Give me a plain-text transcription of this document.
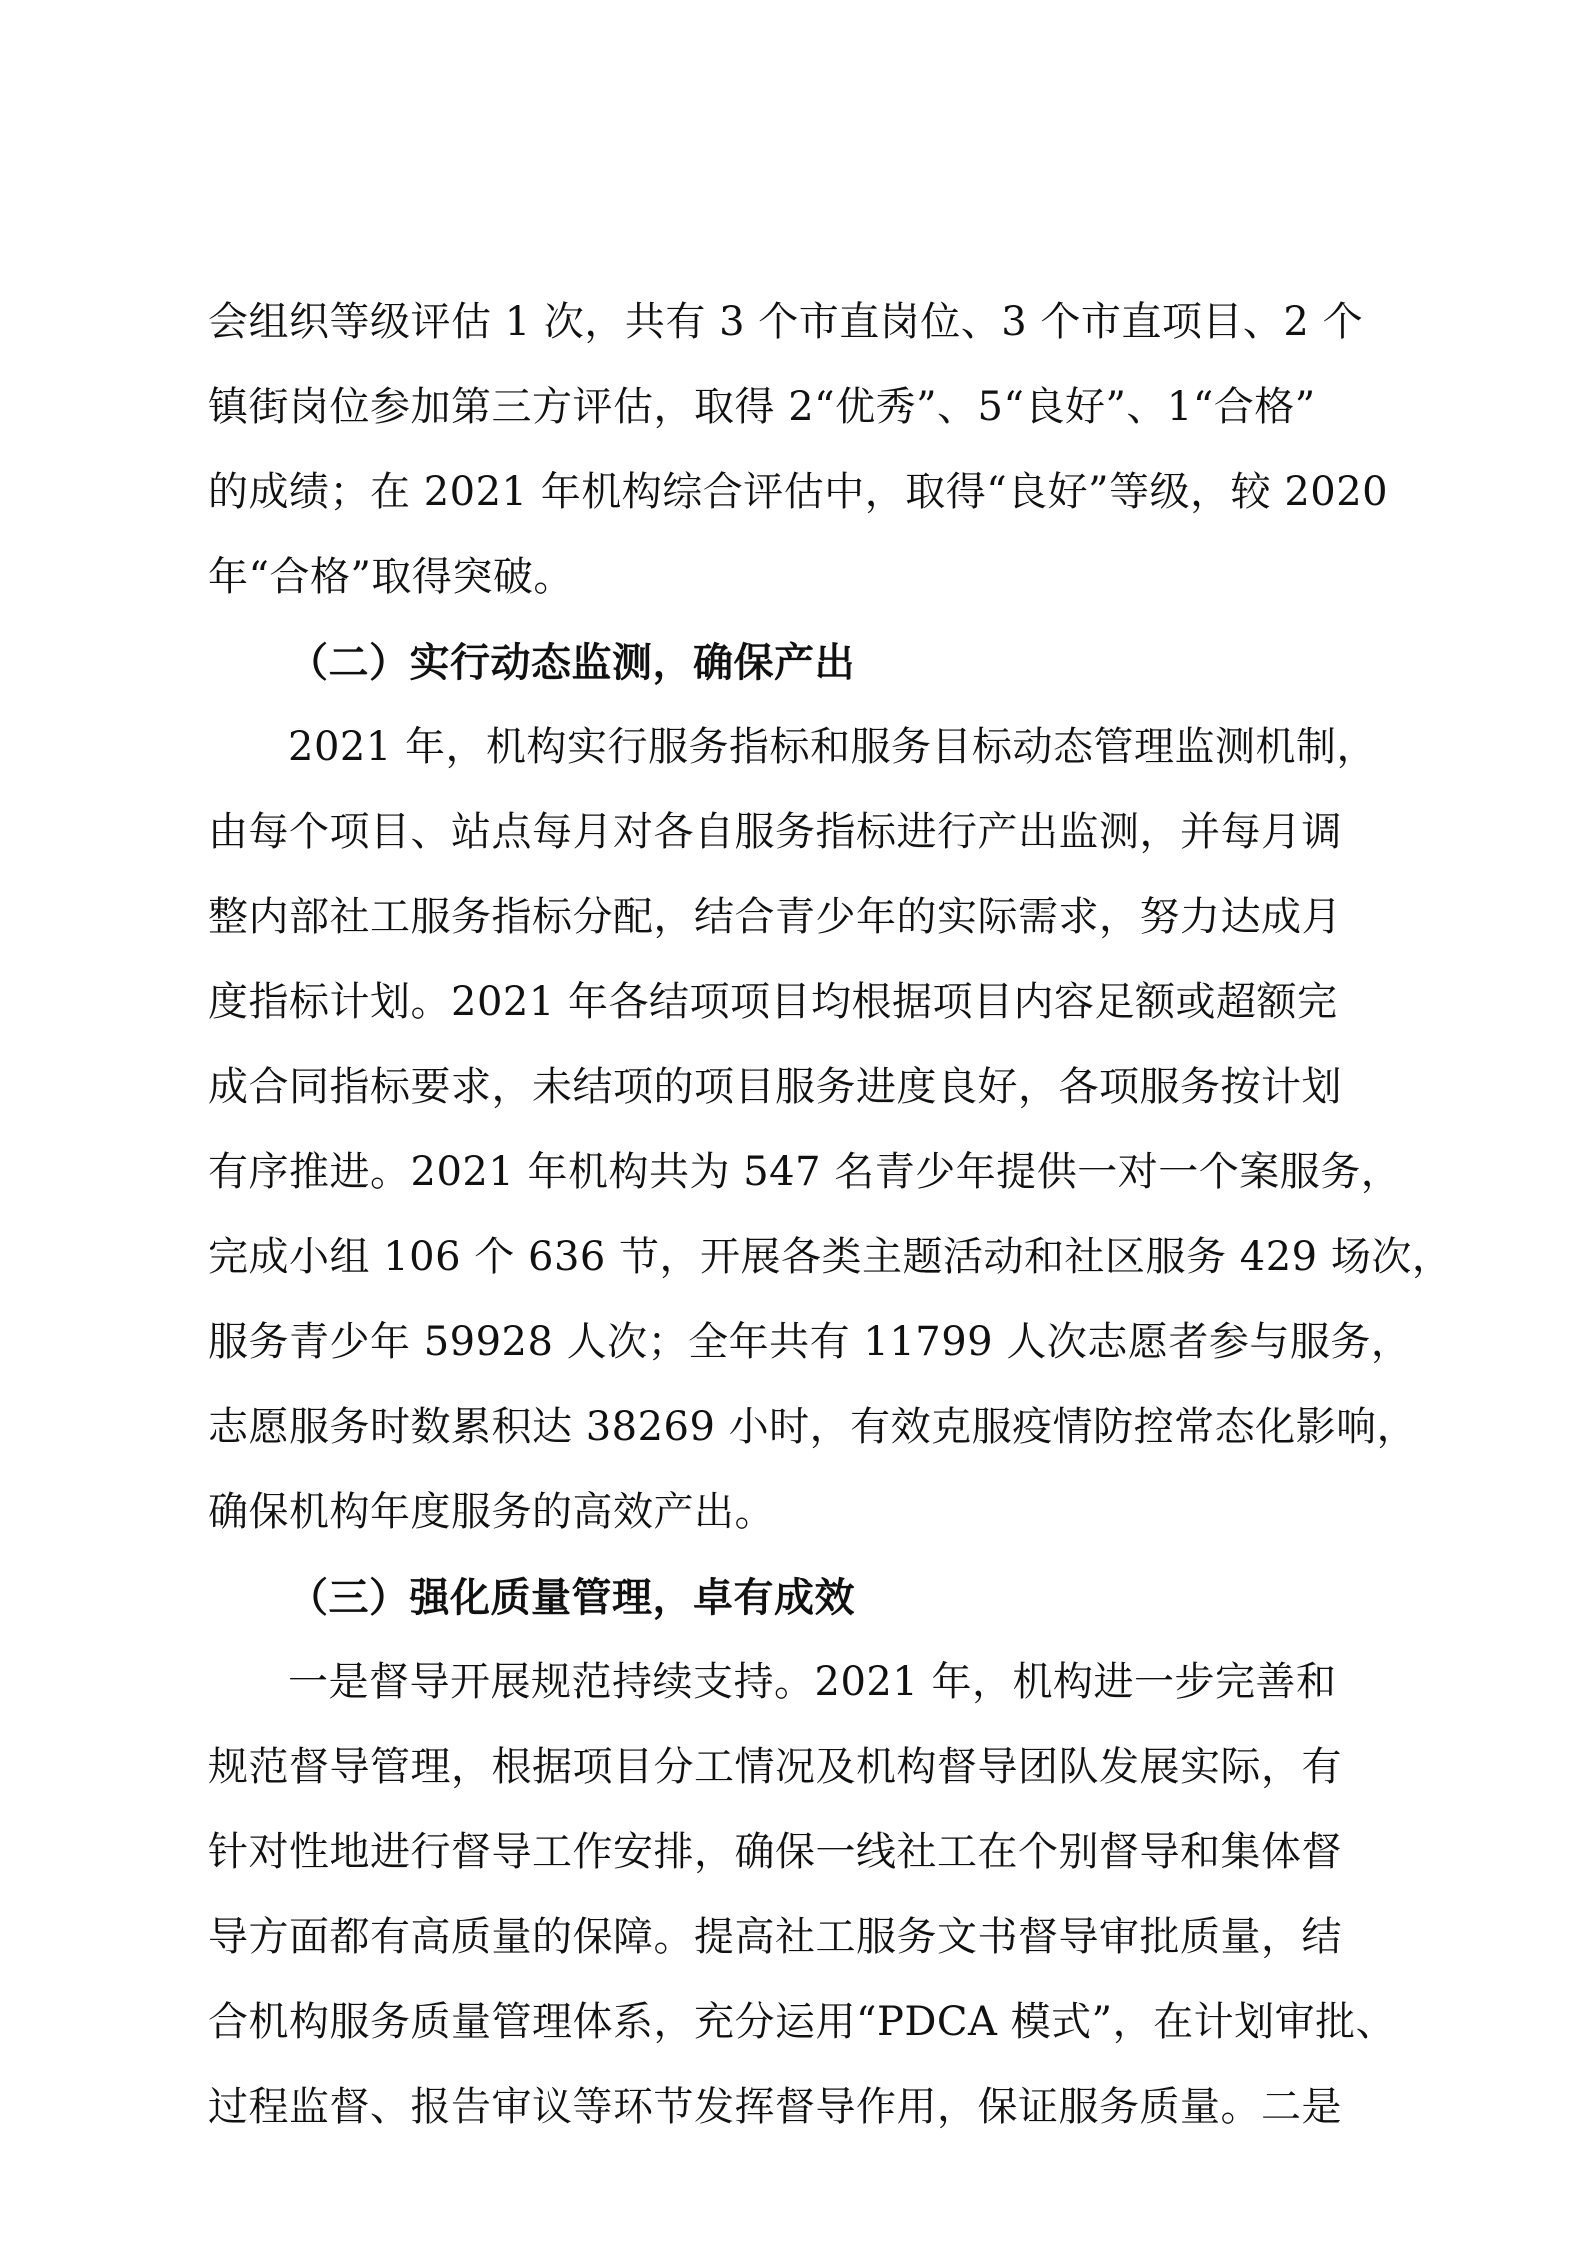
会组织等级评估 1 次，共有 3 个市直岗位、3 个市直项目、2 个
镇街岗位参加第三方评估，取得 2“优秀”、5“良好”、1“合格”
的成绩；在 2021 年机构综合评估中，取得“良好”等级，较 2020
年“合格”取得突破。
（二）实行动态监测，确保产出
2021 年，机构实行服务指标和服务目标动态管理监测机制，
由每个项目、站点每月对各自服务指标进行产出监测，并每月调
整内部社工服务指标分配，结合青少年的实际需求，努力达成月
度指标计划。2021 年各结项项目均根据项目内容足额或超额完
成合同指标要求，未结项的项目服务进度良好，各项服务按计划
有序推进。2021 年机构共为 547 名青少年提供一对一个案服务，
完成小组 106 个 636 节，开展各类主题活动和社区服务 429 场次，
服务青少年 59928 人次；全年共有 11799 人次志愿者参与服务，
志愿服务时数累积达 38269 小时，有效克服疫情防控常态化影响，
确保机构年度服务的高效产出。
（三）强化质量管理，卓有成效
一是督导开展规范持续支持。2021 年，机构进一步完善和
规范督导管理，根据项目分工情况及机构督导团队发展实际，有
针对性地进行督导工作安排，确保一线社工在个别督导和集体督
导方面都有高质量的保障。提高社工服务文书督导审批质量，结
合机构服务质量管理体系，充分运用“PDCA 模式”，在计划审批、
过程监督、报告审议等环节发挥督导作用，保证服务质量。二是
